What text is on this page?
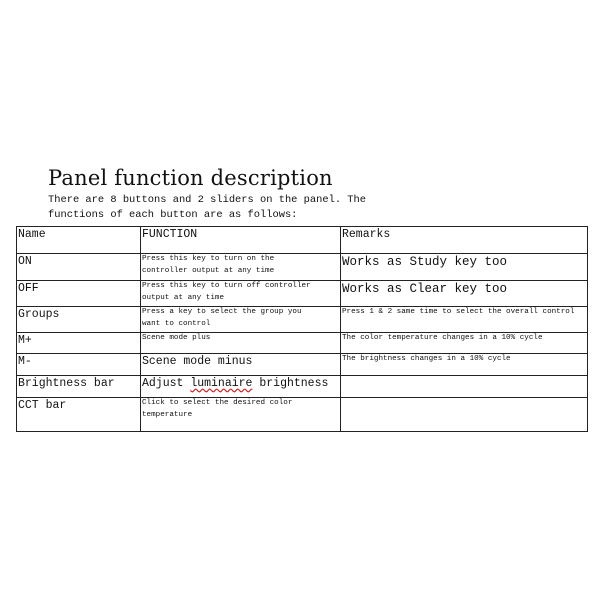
Panel function description
There are 8 buttons and 2 sliders on the panel. The
functions of each button are as follows:
Name	FUNCTION	Remarks
ON	Press this key to turn on the
controller output at any time	Works as Study key too
OFF	Press this key to turn off controller
output at any time	Works as Clear key too
Groups	Press a key to select the group you
want to control	Press 1 & 2 same time to select the overall control
M+	Scene mode plus	The color temperature changes in a 10% cycle
M-	Scene mode minus	The brightness changes in a 10% cycle
Brightness bar	Adjust luminaire brightness	
CCT bar	Click to select the desired color
temperature	
